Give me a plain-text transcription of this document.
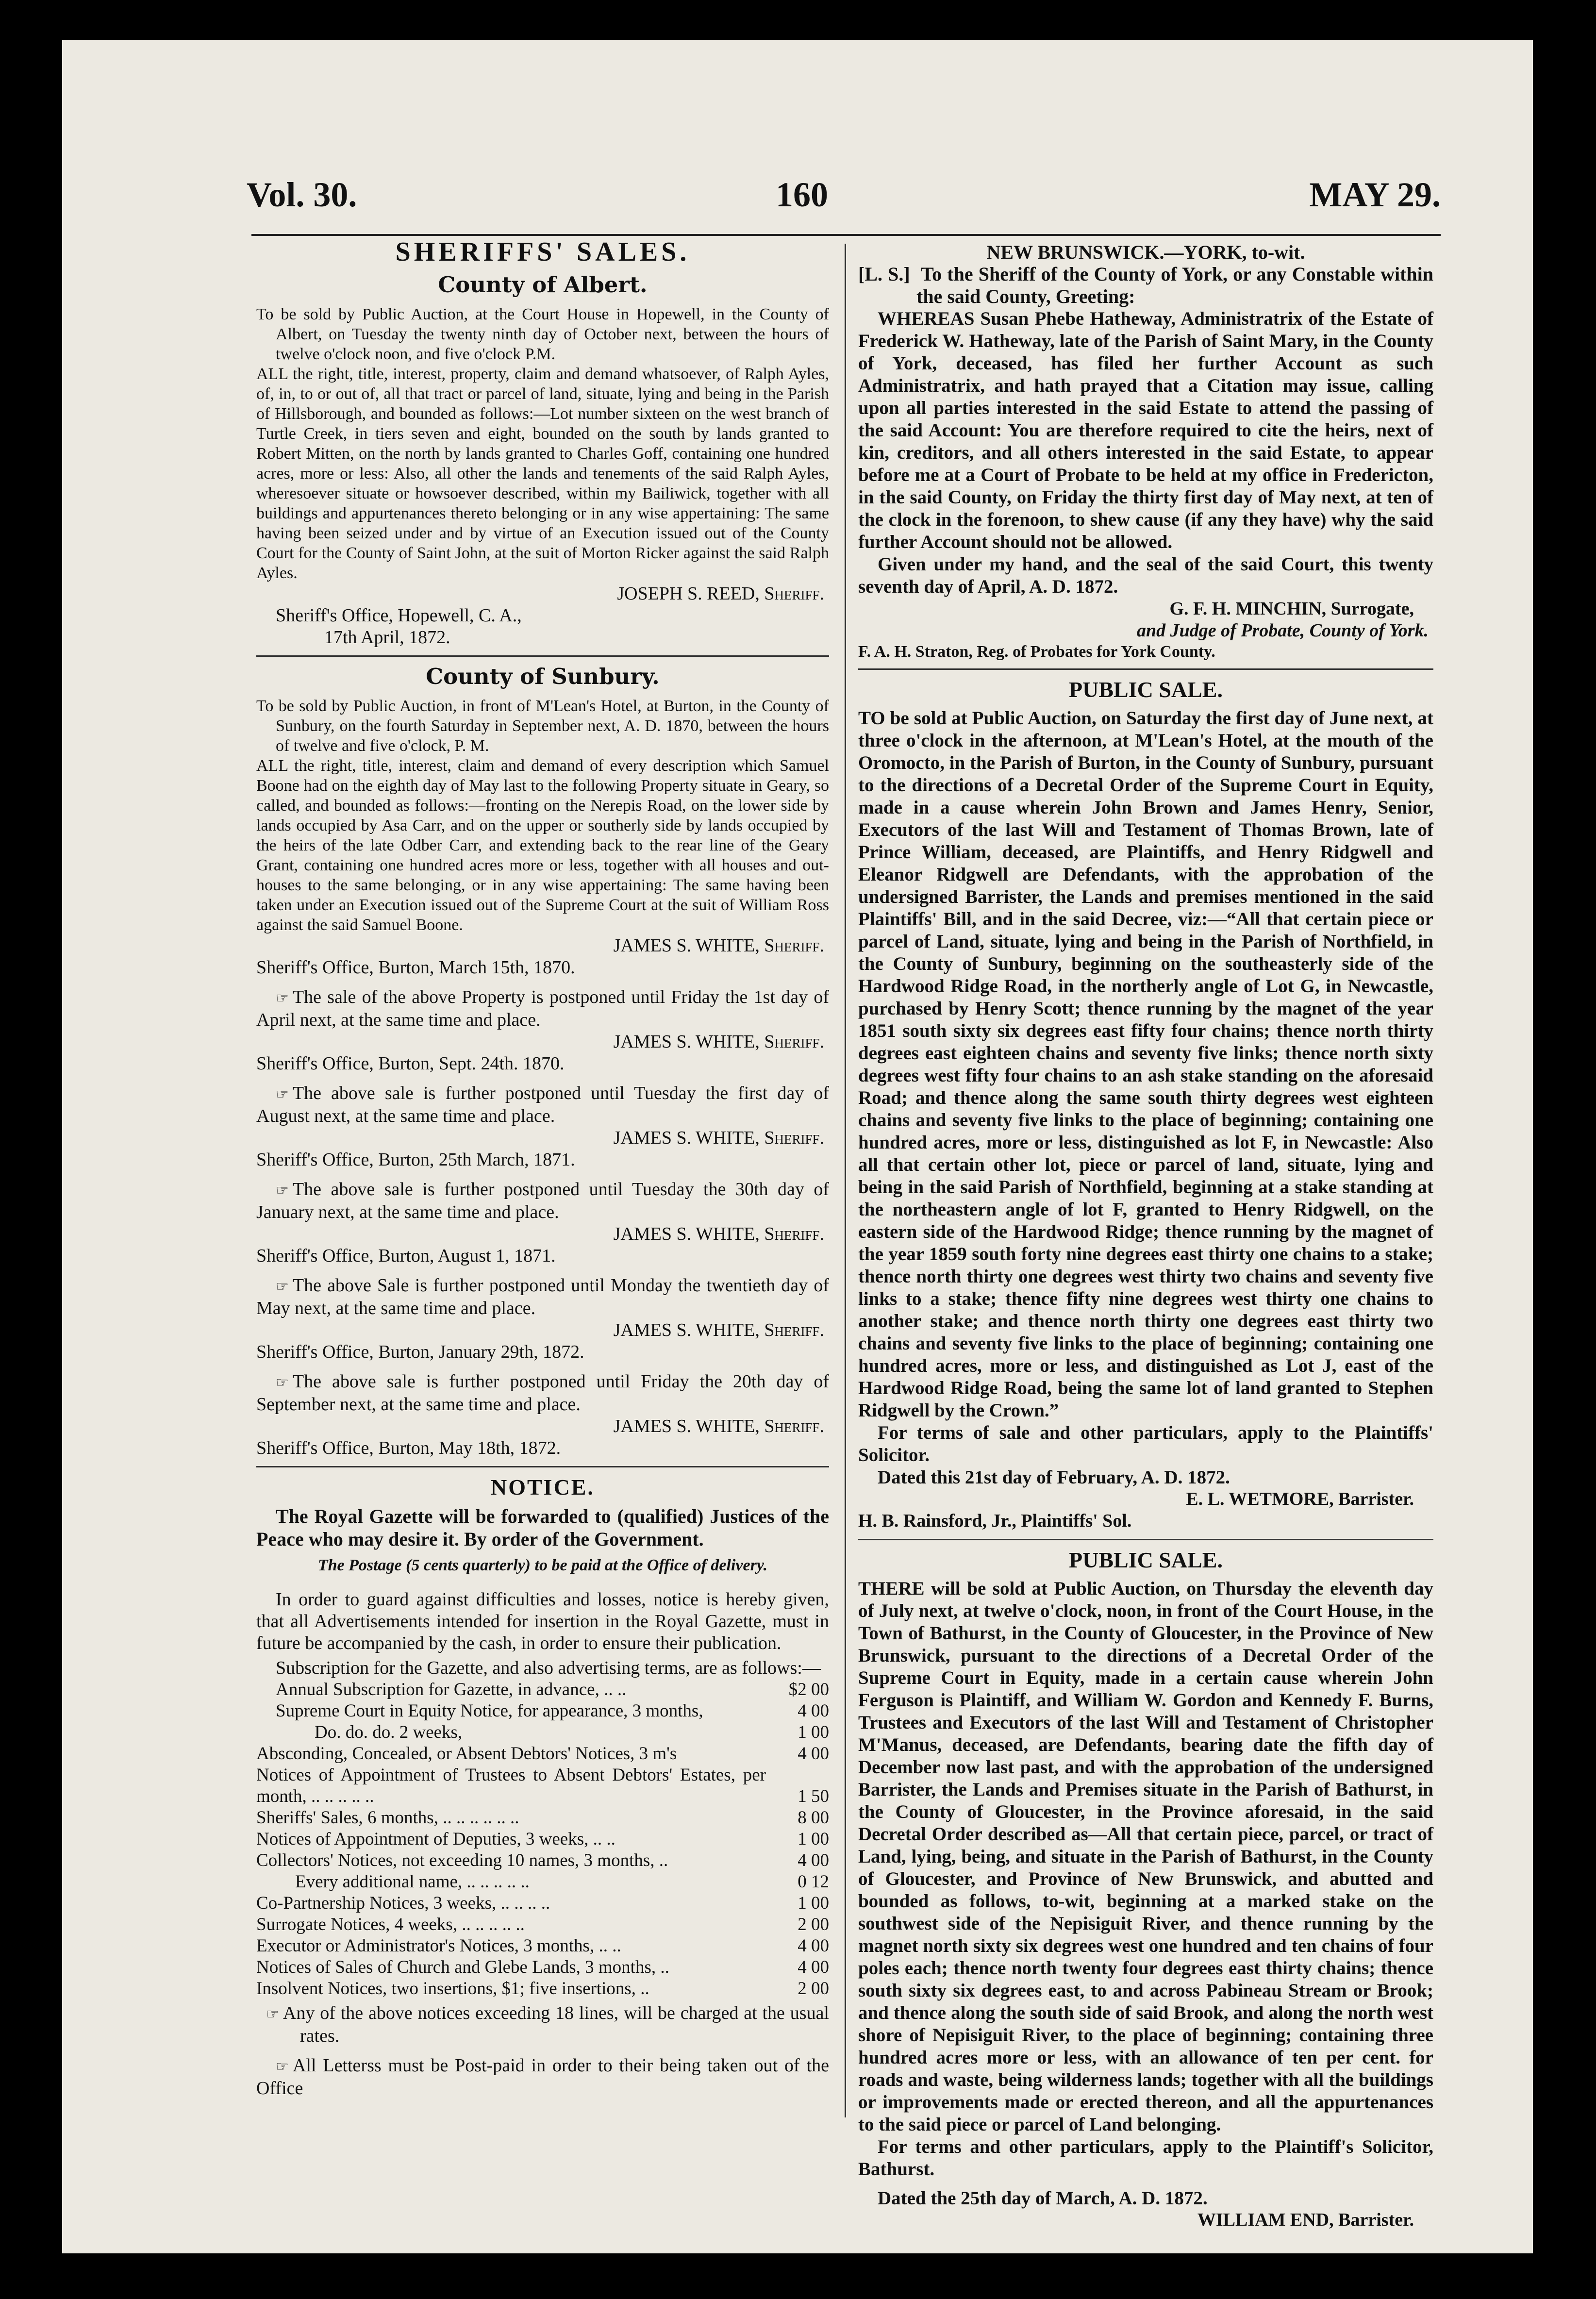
Vol. 30.	160	MAY 29.
SHERIFFS' SALES.
County of Albert.

To be sold by Public Auction, at the Court House in Hopewell, in the County of Albert, on Tuesday the twenty ninth day of October next, between the hours of twelve o'clock noon, and five o'clock P.M.

ALL the right, title, interest, property, claim and demand whatsoever, of Ralph Ayles, of, in, to or out of, all that tract or parcel of land, situate, lying and being in the Parish of Hillsborough, and bounded as follows:—Lot number sixteen on the west branch of Turtle Creek, in tiers seven and eight, bounded on the south by lands granted to Robert Mitten, on the north by lands granted to Charles Goff, containing one hundred acres, more or less: Also, all other the lands and tenements of the said Ralph Ayles, wheresoever situate or howsoever described, within my Bailiwick, together with all buildings and appurtenances thereto belonging or in any wise appertaining: The same having been seized under and by virtue of an Execution issued out of the County Court for the County of Saint John, at the suit of Morton Ricker against the said Ralph Ayles.

JOSEPH S. REED, Sheriff.

Sheriff's Office, Hopewell, C. A.,

17th April, 1872.

County of Sunbury.

To be sold by Public Auction, in front of M'Lean's Hotel, at Burton, in the County of Sunbury, on the fourth Saturday in September next, A. D. 1870, between the hours of twelve and five o'clock, P. M.

ALL the right, title, interest, claim and demand of every description which Samuel Boone had on the eighth day of May last to the following Property situate in Geary, so called, and bounded as follows:—fronting on the Nerepis Road, on the lower side by lands occupied by Asa Carr, and on the upper or southerly side by lands occupied by the heirs of the late Odber Carr, and extending back to the rear line of the Geary Grant, containing one hundred acres more or less, together with all houses and out-houses to the same belonging, or in any wise appertaining: The same having been taken under an Execution issued out of the Supreme Court at the suit of William Ross against the said Samuel Boone.

JAMES S. WHITE, Sheriff.

Sheriff's Office, Burton, March 15th, 1870.

☞ The sale of the above Property is postponed until Friday the 1st day of April next, at the same time and place.

JAMES S. WHITE, Sheriff.

Sheriff's Office, Burton, Sept. 24th. 1870.

☞ The above sale is further postponed until Tuesday the first day of August next, at the same time and place.

JAMES S. WHITE, Sheriff.

Sheriff's Office, Burton, 25th March, 1871.

☞ The above sale is further postponed until Tuesday the 30th day of January next, at the same time and place.

JAMES S. WHITE, Sheriff.

Sheriff's Office, Burton, August 1, 1871.

☞ The above Sale is further postponed until Monday the twentieth day of May next, at the same time and place.

JAMES S. WHITE, Sheriff.

Sheriff's Office, Burton, January 29th, 1872.

☞ The above sale is further postponed until Friday the 20th day of September next, at the same time and place.

JAMES S. WHITE, Sheriff.

Sheriff's Office, Burton, May 18th, 1872.

NOTICE.

The Royal Gazette will be forwarded to (qualified) Justices of the Peace who may desire it. By order of the Government.

The Postage (5 cents quarterly) to be paid at the Office of delivery.

In order to guard against difficulties and losses, notice is hereby given, that all Advertisements intended for insertion in the Royal Gazette, must in future be accompanied by the cash, in order to ensure their publication.

Subscription for the Gazette, and also advertising terms, are as follows:—

Annual Subscription for Gazette, in advance, .. ..	$2 00
Supreme Court in Equity Notice, for appearance, 3 months,	4 00
Do. do. do. 2 weeks,	1 00
Absconding, Concealed, or Absent Debtors' Notices, 3 m's	4 00
Notices of Appointment of Trustees to Absent Debtors' Estates, per month, .. .. .. .. ..	1 50
Sheriffs' Sales, 6 months, .. .. .. .. .. ..	8 00
Notices of Appointment of Deputies, 3 weeks, .. ..	1 00
Collectors' Notices, not exceeding 10 names, 3 months, ..	4 00
Every additional name, .. .. .. .. ..	0 12
Co-Partnership Notices, 3 weeks, .. .. .. ..	1 00
Surrogate Notices, 4 weeks, .. .. .. .. ..	2 00
Executor or Administrator's Notices, 3 months, .. ..	4 00
Notices of Sales of Church and Glebe Lands, 3 months, ..	4 00
Insolvent Notices, two insertions, $1; five insertions, ..	2 00

☞ Any of the above notices exceeding 18 lines, will be charged at the usual rates.

☞ All Letterss must be Post-paid in order to their being taken out of the Office

NEW BRUNSWICK.—YORK, to-wit.

[L. S.] To the Sheriff of the County of York, or any Constable within the said County, Greeting:

WHEREAS Susan Phebe Hatheway, Administratrix of the Estate of Frederick W. Hatheway, late of the Parish of Saint Mary, in the County of York, deceased, has filed her further Account as such Administratrix, and hath prayed that a Citation may issue, calling upon all parties interested in the said Estate to attend the passing of the said Account: You are therefore required to cite the heirs, next of kin, creditors, and all others interested in the said Estate, to appear before me at a Court of Probate to be held at my office in Fredericton, in the said County, on Friday the thirty first day of May next, at ten of the clock in the forenoon, to shew cause (if any they have) why the said further Account should not be allowed.

Given under my hand, and the seal of the said Court, this twenty seventh day of April, A. D. 1872.

G. F. H. MINCHIN, Surrogate,

and Judge of Probate, County of York.

F. A. H. Straton, Reg. of Probates for York County.

PUBLIC SALE.

TO be sold at Public Auction, on Saturday the first day of June next, at three o'clock in the afternoon, at M'Lean's Hotel, at the mouth of the Oromocto, in the Parish of Burton, in the County of Sunbury, pursuant to the directions of a Decretal Order of the Supreme Court in Equity, made in a cause wherein John Brown and James Henry, Senior, Executors of the last Will and Testament of Thomas Brown, late of Prince William, deceased, are Plaintiffs, and Henry Ridgwell and Eleanor Ridgwell are Defendants, with the approbation of the undersigned Barrister, the Lands and premises mentioned in the said Plaintiffs' Bill, and in the said Decree, viz:—“All that certain piece or parcel of Land, situate, lying and being in the Parish of Northfield, in the County of Sunbury, beginning on the southeasterly side of the Hardwood Ridge Road, in the northerly angle of Lot G, in Newcastle, purchased by Henry Scott; thence running by the magnet of the year 1851 south sixty six degrees east fifty four chains; thence north thirty degrees east eighteen chains and seventy five links; thence north sixty degrees west fifty four chains to an ash stake standing on the aforesaid Road; and thence along the same south thirty degrees west eighteen chains and seventy five links to the place of beginning; containing one hundred acres, more or less, distinguished as lot F, in Newcastle: Also all that certain other lot, piece or parcel of land, situate, lying and being in the said Parish of Northfield, beginning at a stake standing at the northeastern angle of lot F, granted to Henry Ridgwell, on the eastern side of the Hardwood Ridge; thence running by the magnet of the year 1859 south forty nine degrees east thirty one chains to a stake; thence north thirty one degrees west thirty two chains and seventy five links to a stake; thence fifty nine degrees west thirty one chains to another stake; and thence north thirty one degrees east thirty two chains and seventy five links to the place of beginning; containing one hundred acres, more or less, and distinguished as Lot J, east of the Hardwood Ridge Road, being the same lot of land granted to Stephen Ridgwell by the Crown.”

For terms of sale and other particulars, apply to the Plaintiffs' Solicitor.

Dated this 21st day of February, A. D. 1872.

E. L. WETMORE, Barrister.

H. B. Rainsford, Jr., Plaintiffs' Sol.

PUBLIC SALE.

THERE will be sold at Public Auction, on Thursday the eleventh day of July next, at twelve o'clock, noon, in front of the Court House, in the Town of Bathurst, in the County of Gloucester, in the Province of New Brunswick, pursuant to the directions of a Decretal Order of the Supreme Court in Equity, made in a certain cause wherein John Ferguson is Plaintiff, and William W. Gordon and Kennedy F. Burns, Trustees and Executors of the last Will and Testament of Christopher M'Manus, deceased, are Defendants, bearing date the fifth day of December now last past, and with the approbation of the undersigned Barrister, the Lands and Premises situate in the Parish of Bathurst, in the County of Gloucester, in the Province aforesaid, in the said Decretal Order described as—All that certain piece, parcel, or tract of Land, lying, being, and situate in the Parish of Bathurst, in the County of Gloucester, and Province of New Brunswick, and abutted and bounded as follows, to-wit, beginning at a marked stake on the southwest side of the Nepisiguit River, and thence running by the magnet north sixty six degrees west one hundred and ten chains of four poles each; thence north twenty four degrees east thirty chains; thence south sixty six degrees east, to and across Pabineau Stream or Brook; and thence along the south side of said Brook, and along the north west shore of Nepisiguit River, to the place of beginning; containing three hundred acres more or less, with an allowance of ten per cent. for roads and waste, being wilderness lands; together with all the buildings or improvements made or erected thereon, and all the appurtenances to the said piece or parcel of Land belonging.

For terms and other particulars, apply to the Plaintiff's Solicitor, Bathurst.

Dated the 25th day of March, A. D. 1872.

WILLIAM END, Barrister.
